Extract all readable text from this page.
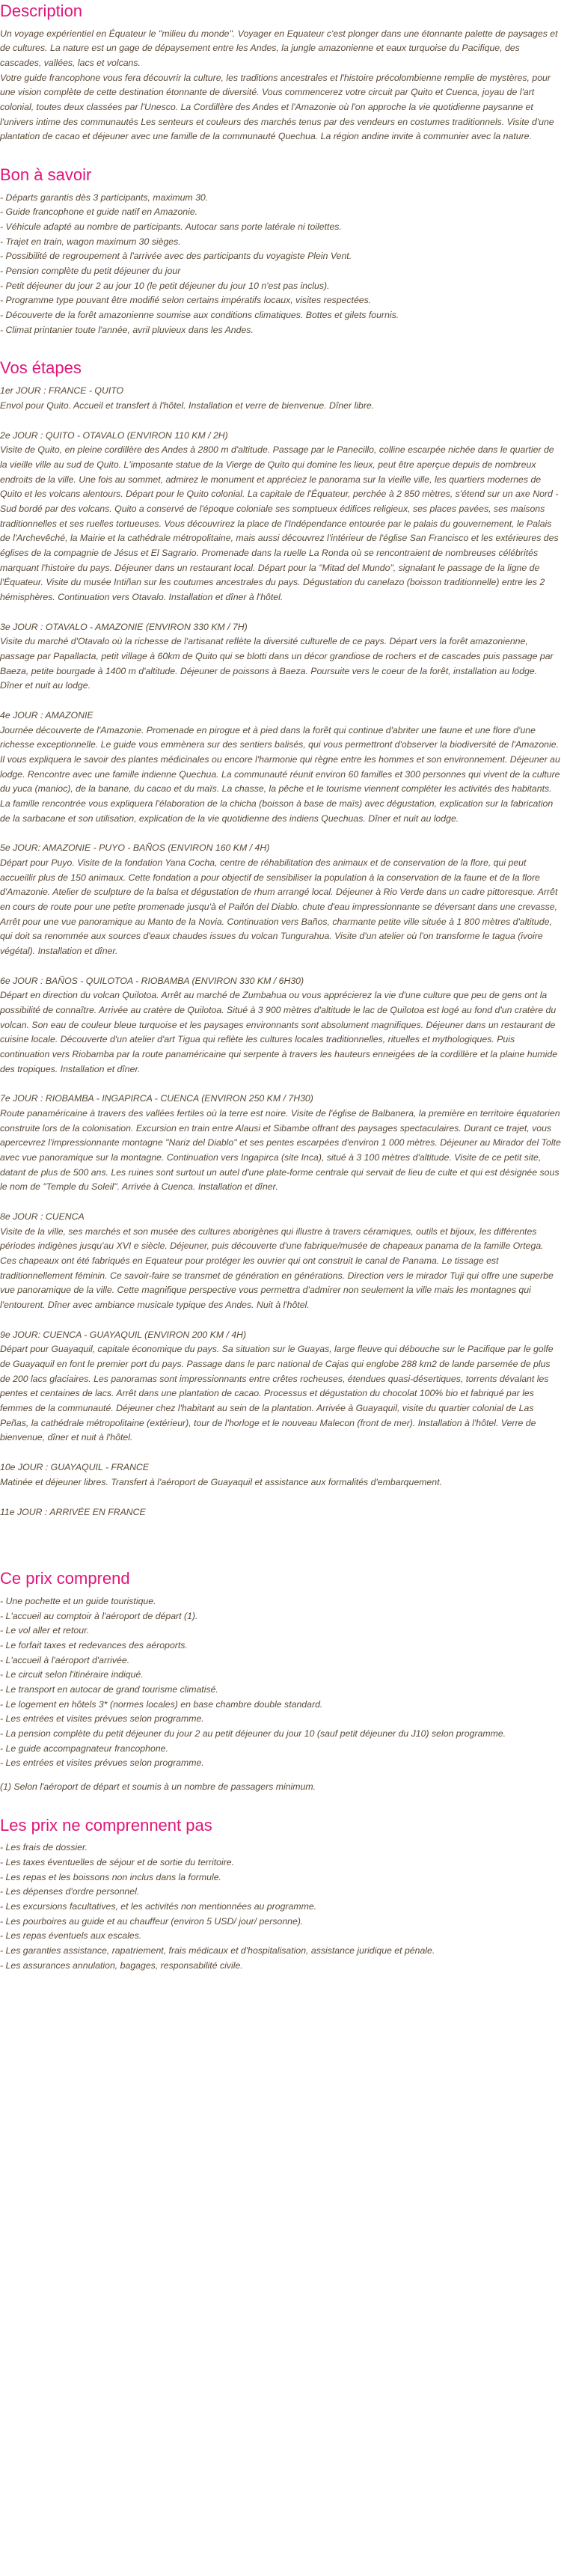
Description

Un voyage expérientiel en Équateur le "milieu du monde". Voyager en Equateur c'est plonger dans une étonnante palette de paysages et de cultures. La nature est un gage de dépaysement entre les Andes, la jungle amazonienne et eaux turquoise du Pacifique, des cascades, vallées, lacs et volcans.

Votre guide francophone vous fera découvrir la culture, les traditions ancestrales et l'histoire précolombienne remplie de mystères, pour une vision complète de cette destination étonnante de diversité. Vous commencerez votre circuit par Quito et Cuenca, joyau de l'art colonial, toutes deux classées par l'Unesco. La Cordillère des Andes et l'Amazonie où l'on approche la vie quotidienne paysanne et l'univers intime des communautés Les senteurs et couleurs des marchés tenus par des vendeurs en costumes traditionnels. Visite d'une plantation de cacao et déjeuner avec une famille de la communauté Quechua. La région andine invite à communier avec la nature.

Bon à savoir

- Départs garantis dès 3 participants, maximum 30.

- Guide francophone et guide natif en Amazonie.

- Véhicule adapté au nombre de participants. Autocar sans porte latérale ni toilettes.

- Trajet en train, wagon maximum 30 sièges.

- Possibilité de regroupement à l'arrivée avec des participants du voyagiste Plein Vent.

- Pension complète du petit déjeuner du jour

- Petit déjeuner du jour 2 au jour 10 (le petit déjeuner du jour 10 n'est pas inclus).

- Programme type pouvant être modifié selon certains impératifs locaux, visites respectées.

- Découverte de la forêt amazonienne soumise aux conditions climatiques. Bottes et gilets fournis.

- Climat printanier toute l'année, avril pluvieux dans les Andes.

Vos étapes

1er JOUR : FRANCE - QUITO

Envol pour Quito. Accueil et transfert à l'hôtel. Installation et verre de bienvenue. Dîner libre.

2e JOUR : QUITO - OTAVALO (ENVIRON 110 KM / 2H)

Visite de Quito, en pleine cordillère des Andes à 2800 m d'altitude. Passage par le Panecillo, colline escarpée nichée dans le quartier de la vieille ville au sud de Quito. L'imposante statue de la Vierge de Quito qui domine les lieux, peut être aperçue depuis de nombreux endroits de la ville. Une fois au sommet, admirez le monument et appréciez le panorama sur la vieille ville, les quartiers modernes de Quito et les volcans alentours. Départ pour le Quito colonial. La capitale de l'Équateur, perchée à 2 850 mètres, s'étend sur un axe Nord - Sud bordé par des volcans. Quito a conservé de l'époque coloniale ses somptueux édifices religieux, ses places pavées, ses maisons traditionnelles et ses ruelles tortueuses. Vous découvrirez la place de l'Indépendance entourée par le palais du gouvernement, le Palais de l'Archevêché, la Mairie et la cathédrale métropolitaine, mais aussi découvrez l'intérieur de l'église San Francisco et les extérieures des églises de la compagnie de Jésus et El Sagrario. Promenade dans la ruelle La Ronda où se rencontraient de nombreuses célébrités marquant l'histoire du pays. Déjeuner dans un restaurant local. Départ pour la "Mitad del Mundo", signalant le passage de la ligne de l'Équateur. Visite du musée Intiñan sur les coutumes ancestrales du pays. Dégustation du canelazo (boisson traditionnelle) entre les 2 hémisphères. Continuation vers Otavalo. Installation et dîner à l'hôtel.

3e JOUR : OTAVALO - AMAZONIE (ENVIRON 330 KM / 7H)

Visite du marché d'Otavalo où la richesse de l'artisanat reflète la diversité culturelle de ce pays. Départ vers la forêt amazonienne, passage par Papallacta, petit village à 60km de Quito qui se blotti dans un décor grandiose de rochers et de cascades puis passage par Baeza, petite bourgade à 1400 m d'altitude. Déjeuner de poissons à Baeza. Poursuite vers le coeur de la forêt, installation au lodge. Dîner et nuit au lodge.

4e JOUR : AMAZONIE

Journée découverte de l'Amazonie. Promenade en pirogue et à pied dans la forêt qui continue d'abriter une faune et une flore d'une richesse exceptionnelle. Le guide vous emmènera sur des sentiers balisés, qui vous permettront d'observer la biodiversité de l'Amazonie. Il vous expliquera le savoir des plantes médicinales ou encore l'harmonie qui règne entre les hommes et son environnement. Déjeuner au lodge. Rencontre avec une famille indienne Quechua. La communauté réunit environ 60 familles et 300 personnes qui vivent de la culture du yuca (manioc), de la banane, du cacao et du maïs. La chasse, la pêche et le tourisme viennent compléter les activités des habitants. La famille rencontrée vous expliquera l'élaboration de la chicha (boisson à base de maïs) avec dégustation, explication sur la fabrication de la sarbacane et son utilisation, explication de la vie quotidienne des indiens Quechuas. Dîner et nuit au lodge.

5e JOUR: AMAZONIE - PUYO - BAÑOS (ENVIRON 160 KM / 4H)

Départ pour Puyo. Visite de la fondation Yana Cocha, centre de réhabilitation des animaux et de conservation de la flore, qui peut accueillir plus de 150 animaux. Cette fondation a pour objectif de sensibiliser la population à la conservation de la faune et de la flore d'Amazonie. Atelier de sculpture de la balsa et dégustation de rhum arrangé local. Déjeuner à Rio Verde dans un cadre pittoresque. Arrêt en cours de route pour une petite promenade jusqu'à el Pailón del Diablo. chute d'eau impressionnante se déversant dans une crevasse, Arrêt pour une vue panoramique au Manto de la Novia. Continuation vers Baños, charmante petite ville située à 1 800 mètres d'altitude, qui doit sa renommée aux sources d'eaux chaudes issues du volcan Tungurahua. Visite d'un atelier où l'on transforme le tagua (ivoire végétal). Installation et dîner.

6e JOUR : BAÑOS - QUILOTOA - RIOBAMBA (ENVIRON 330 KM / 6H30)

Départ en direction du volcan Quilotoa. Arrêt au marché de Zumbahua ou vous apprécierez la vie d'une culture que peu de gens ont la possibilité de connaître. Arrivée au cratère de Quilotoa. Situé à 3 900 mètres d'altitude le lac de Quilotoa est logé au fond d'un cratère du volcan. Son eau de couleur bleue turquoise et les paysages environnants sont absolument magnifiques. Déjeuner dans un restaurant de cuisine locale. Découverte d'un atelier d'art Tigua qui reflète les cultures locales traditionnelles, rituelles et mythologiques. Puis continuation vers Riobamba par la route panaméricaine qui serpente à travers les hauteurs enneigées de la cordillère et la plaine humide des tropiques. Installation et dîner.

7e JOUR : RIOBAMBA - INGAPIRCA - CUENCA (ENVIRON 250 KM / 7H30)

Route panaméricaine à travers des vallées fertiles où la terre est noire. Visite de l'église de Balbanera, la première en territoire équatorien construite lors de la colonisation. Excursion en train entre Alausi et Sibambe offrant des paysages spectaculaires. Durant ce trajet, vous apercevrez l'impressionnante montagne "Nariz del Diablo" et ses pentes escarpées d'environ 1 000 mètres. Déjeuner au Mirador del Tolte avec vue panoramique sur la montagne. Continuation vers Ingapirca (site Inca), situé à 3 100 mètres d'altitude. Visite de ce petit site, datant de plus de 500 ans. Les ruines sont surtout un autel d'une plate-forme centrale qui servait de lieu de culte et qui est désignée sous le nom de "Temple du Soleil". Arrivée à Cuenca. Installation et dîner.

8e JOUR : CUENCA

Visite de la ville, ses marchés et son musée des cultures aborigènes qui illustre à travers céramiques, outils et bijoux, les différentes périodes indigènes jusqu'au XVI e siècle. Déjeuner, puis découverte d'une fabrique/musée de chapeaux panama de la famille Ortega. Ces chapeaux ont été fabriqués en Equateur pour protéger les ouvrier qui ont construit le canal de Panama. Le tissage est traditionnellement féminin. Ce savoir-faire se transmet de génération en générations. Direction vers le mirador Tuji qui offre une superbe vue panoramique de la ville. Cette magnifique perspective vous permettra d'admirer non seulement la ville mais les montagnes qui l'entourent. Dîner avec ambiance musicale typique des Andes. Nuit à l'hôtel.

9e JOUR: CUENCA - GUAYAQUIL (ENVIRON 200 KM / 4H)

Départ pour Guayaquil, capitale économique du pays. Sa situation sur le Guayas, large fleuve qui débouche sur le Pacifique par le golfe de Guayaquil en font le premier port du pays. Passage dans le parc national de Cajas qui englobe 288 km2 de lande parsemée de plus de 200 lacs glaciaires. Les panoramas sont impressionnants entre crêtes rocheuses, étendues quasi-désertiques, torrents dévalant les pentes et centaines de lacs. Arrêt dans une plantation de cacao. Processus et dégustation du chocolat 100% bio et fabriqué par les femmes de la communauté. Déjeuner chez l'habitant au sein de la plantation. Arrivée à Guayaquil, visite du quartier colonial de Las Peñas, la cathédrale métropolitaine (extérieur), tour de l'horloge et le nouveau Malecon (front de mer). Installation à l'hôtel. Verre de bienvenue, dîner et nuit à l'hôtel.

10e JOUR : GUAYAQUIL - FRANCE

Matinée et déjeuner libres. Transfert à l'aéroport de Guayaquil et assistance aux formalités d'embarquement.

11e JOUR : ARRIVÉE EN FRANCE

Ce prix comprend

- Une pochette et un guide touristique.

- L'accueil au comptoir à l'aéroport de départ (1).

- Le vol aller et retour.

- Le forfait taxes et redevances des aéroports.

- L'accueil à l'aéroport d'arrivée.

- Le circuit selon l'itinéraire indiqué.

- Le transport en autocar de grand tourisme climatisé.

- Le logement en hôtels 3* (normes locales) en base chambre double standard.

- Les entrées et visites prévues selon programme.

- La pension complète du petit déjeuner du jour 2 au petit déjeuner du jour 10 (sauf petit déjeuner du J10) selon programme.

- Le guide accompagnateur francophone.

- Les entrées et visites prévues selon programme.

(1) Selon l'aéroport de départ et soumis à un nombre de passagers minimum.

Les prix ne comprennent pas

- Les frais de dossier.

- Les taxes éventuelles de séjour et de sortie du territoire.

- Les repas et les boissons non inclus dans la formule.

- Les dépenses d'ordre personnel.

- Les excursions facultatives, et les activités non mentionnées au programme.

- Les pourboires au guide et au chauffeur (environ 5 USD/ jour/ personne).

- Les repas éventuels aux escales.

- Les garanties assistance, rapatriement, frais médicaux et d'hospitalisation, assistance juridique et pénale.

- Les assurances annulation, bagages, responsabilité civile.
